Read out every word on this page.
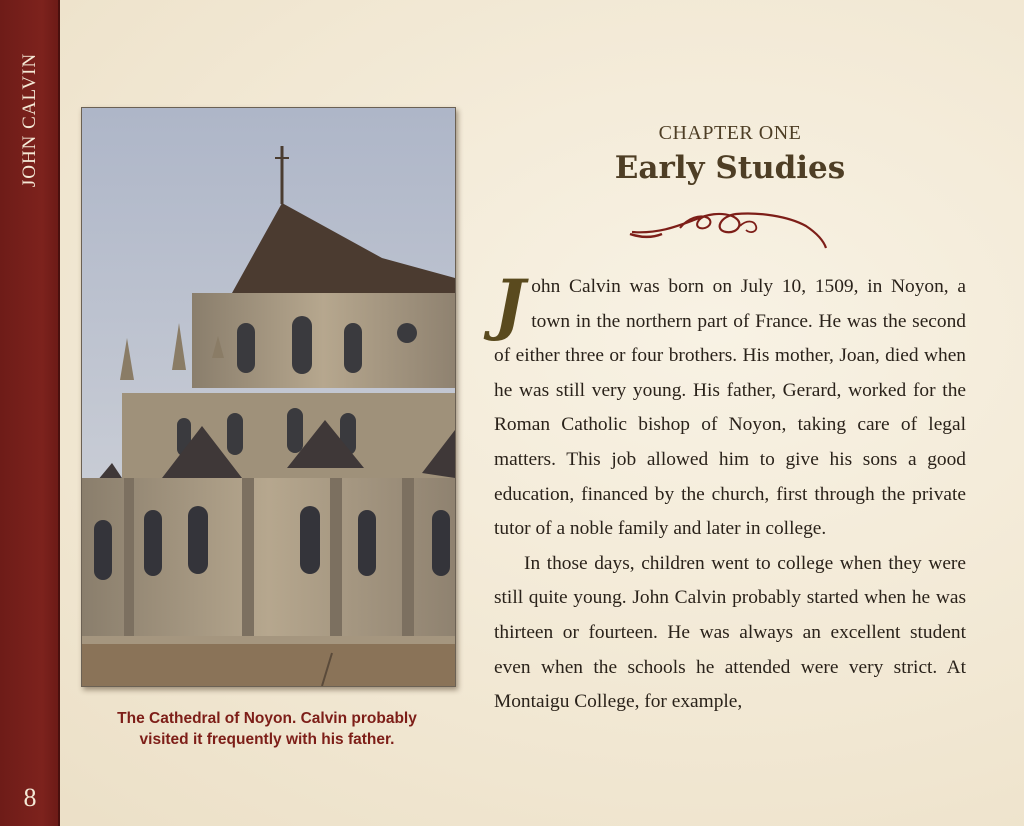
JOHN CALVIN
8
The Cathedral of Noyon. Calvin probably
visited it frequently with his father.
CHAPTER ONE
Early Studies

J ohn Calvin was born on July 10, 1509, in Noyon, a town in the northern part of France. He was the second of either three or four brothers. His mother, Joan, died when he was still very young. His father, Gerard, worked for the Roman Catholic bishop of Noyon, taking care of legal matters. This job allowed him to give his sons a good education, financed by the church, first through the private tutor of a noble family and later in college.

In those days, children went to college when they were still quite young. John Calvin probably started when he was thirteen or fourteen. He was always an excellent student even when the schools he attended were very strict. At Montaigu College, for example,
